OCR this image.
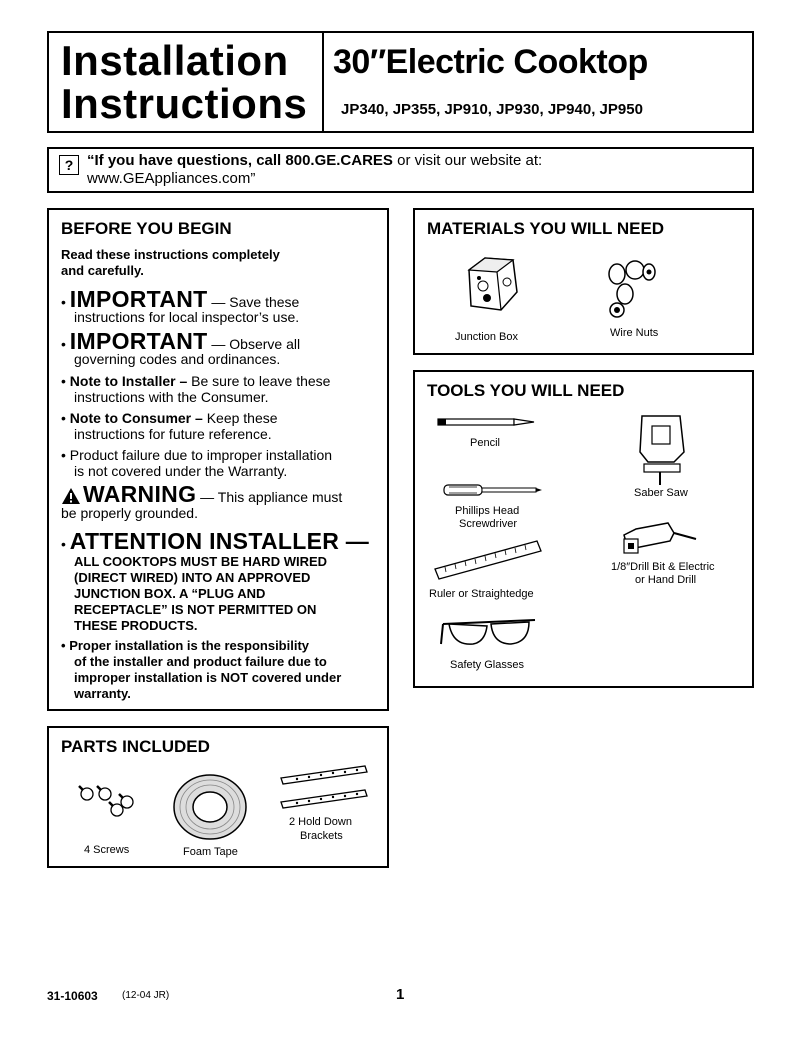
Installation
Instructions
30″Electric Cooktop
JP340, JP355, JP910, JP930, JP940, JP950
? “If you have questions, call 800.GE.CARES or visit our website at:
www.GEAppliances.com”
BEFORE YOU BEGIN
Read these instructions completely
and carefully.
• IMPORTANT — Save these
instructions for local inspector’s use.
• IMPORTANT — Observe all
governing codes and ordinances.
• Note to Installer – Be sure to leave these
instructions with the Consumer.
• Note to Consumer – Keep these
instructions for future reference.
• Product failure due to improper installation
is not covered under the Warranty.
WARNING — This appliance must
be properly grounded.
• ATTENTION INSTALLER —
ALL COOKTOPS MUST BE HARD WIRED
(DIRECT WIRED) INTO AN APPROVED
JUNCTION BOX. A “PLUG AND
RECEPTACLE” IS NOT PERMITTED ON
THESE PRODUCTS.
• Proper installation is the responsibility
of the installer and product failure due to
improper installation is NOT covered under
warranty.
MATERIALS YOU WILL NEED
Junction Box	Wire Nuts
TOOLS YOU WILL NEED
Pencil
Saber Saw
Phillips Head
Screwdriver
1/8″Drill Bit & Electric
or Hand Drill
Ruler or Straightedge
Safety Glasses
PARTS INCLUDED
4 Screws	Foam Tape
2 Hold Down
Brackets
31-10603 (12-04 JR)	1
